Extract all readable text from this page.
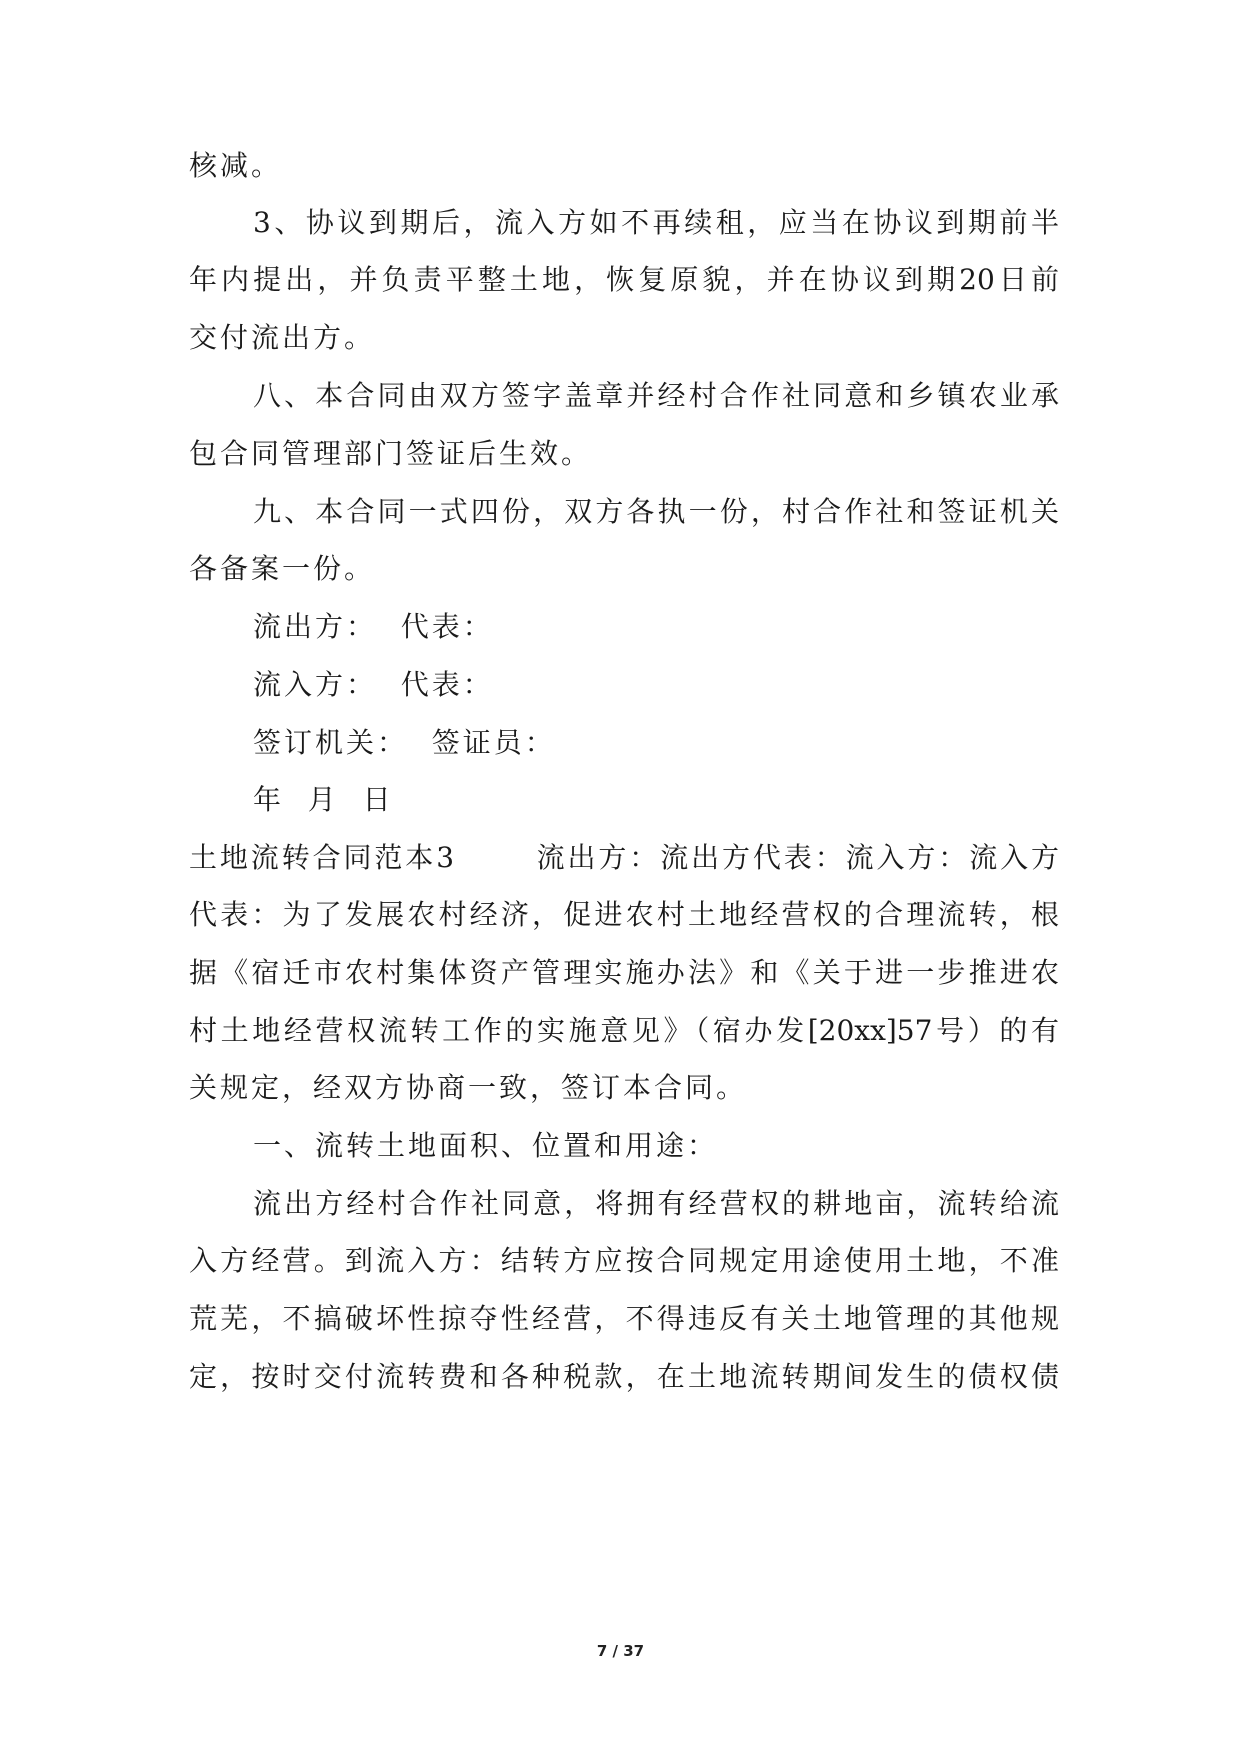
核减。
3、协议到期后，流入方如不再续租，应当在协议到期前半
年内提出，并负责平整土地，恢复原貌，并在协议到期20日前
交付流出方。
八、本合同由双方签字盖章并经村合作社同意和乡镇农业承
包合同管理部门签证后生效。
九、本合同一式四份，双方各执一份，村合作社和签证机关
各备案一份。
流出方：  代表：
流入方：  代表：
签订机关：  签证员：
年  月  日
土地流转合同范本3       流出方：流出方代表：流入方：流入方
代表：为了发展农村经济，促进农村土地经营权的合理流转，根
据《宿迁市农村集体资产管理实施办法》和《关于进一步推进农
村土地经营权流转工作的实施意见》（宿办发[20xx]57号）的有
关规定，经双方协商一致，签订本合同。
一、流转土地面积、位置和用途：
流出方经村合作社同意，将拥有经营权的耕地亩，流转给流
入方经营。到流入方：结转方应按合同规定用途使用土地，不准
荒芜，不搞破坏性掠夺性经营，不得违反有关土地管理的其他规
定，按时交付流转费和各种税款，在土地流转期间发生的债权债
7 / 37
